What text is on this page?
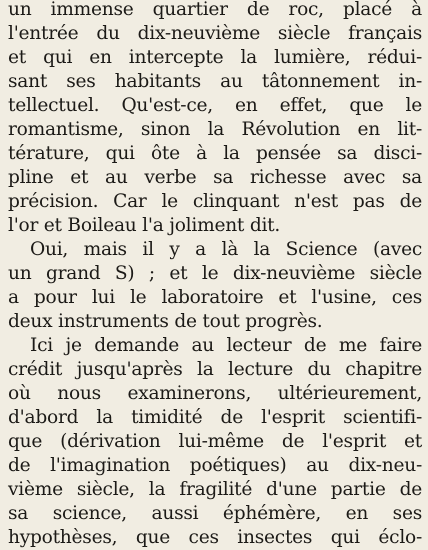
un immense quartier de roc, placé à
l'entrée du dix-neuvième siècle français
et qui en intercepte la lumière, rédui-
sant ses habitants au tâtonnement in-
tellectuel. Qu'est-ce, en effet, que le
romantisme, sinon la Révolution en lit-
térature, qui ôte à la pensée sa disci-
pline et au verbe sa richesse avec sa
précision. Car le clinquant n'est pas de
l'or et Boileau l'a joliment dit.
Oui, mais il y a là la Science (avec
un grand S) ; et le dix-neuvième siècle
a pour lui le laboratoire et l'usine, ces
deux instruments de tout progrès.
Ici je demande au lecteur de me faire
crédit jusqu'après la lecture du chapitre
où nous examinerons, ultérieurement,
d'abord la timidité de l'esprit scientifi-
que (dérivation lui-même de l'esprit et
de l'imagination poétiques) au dix-neu-
vième siècle, la fragilité d'une partie de
sa science, aussi éphémère, en ses
hypothèses, que ces insectes qui éclo-
